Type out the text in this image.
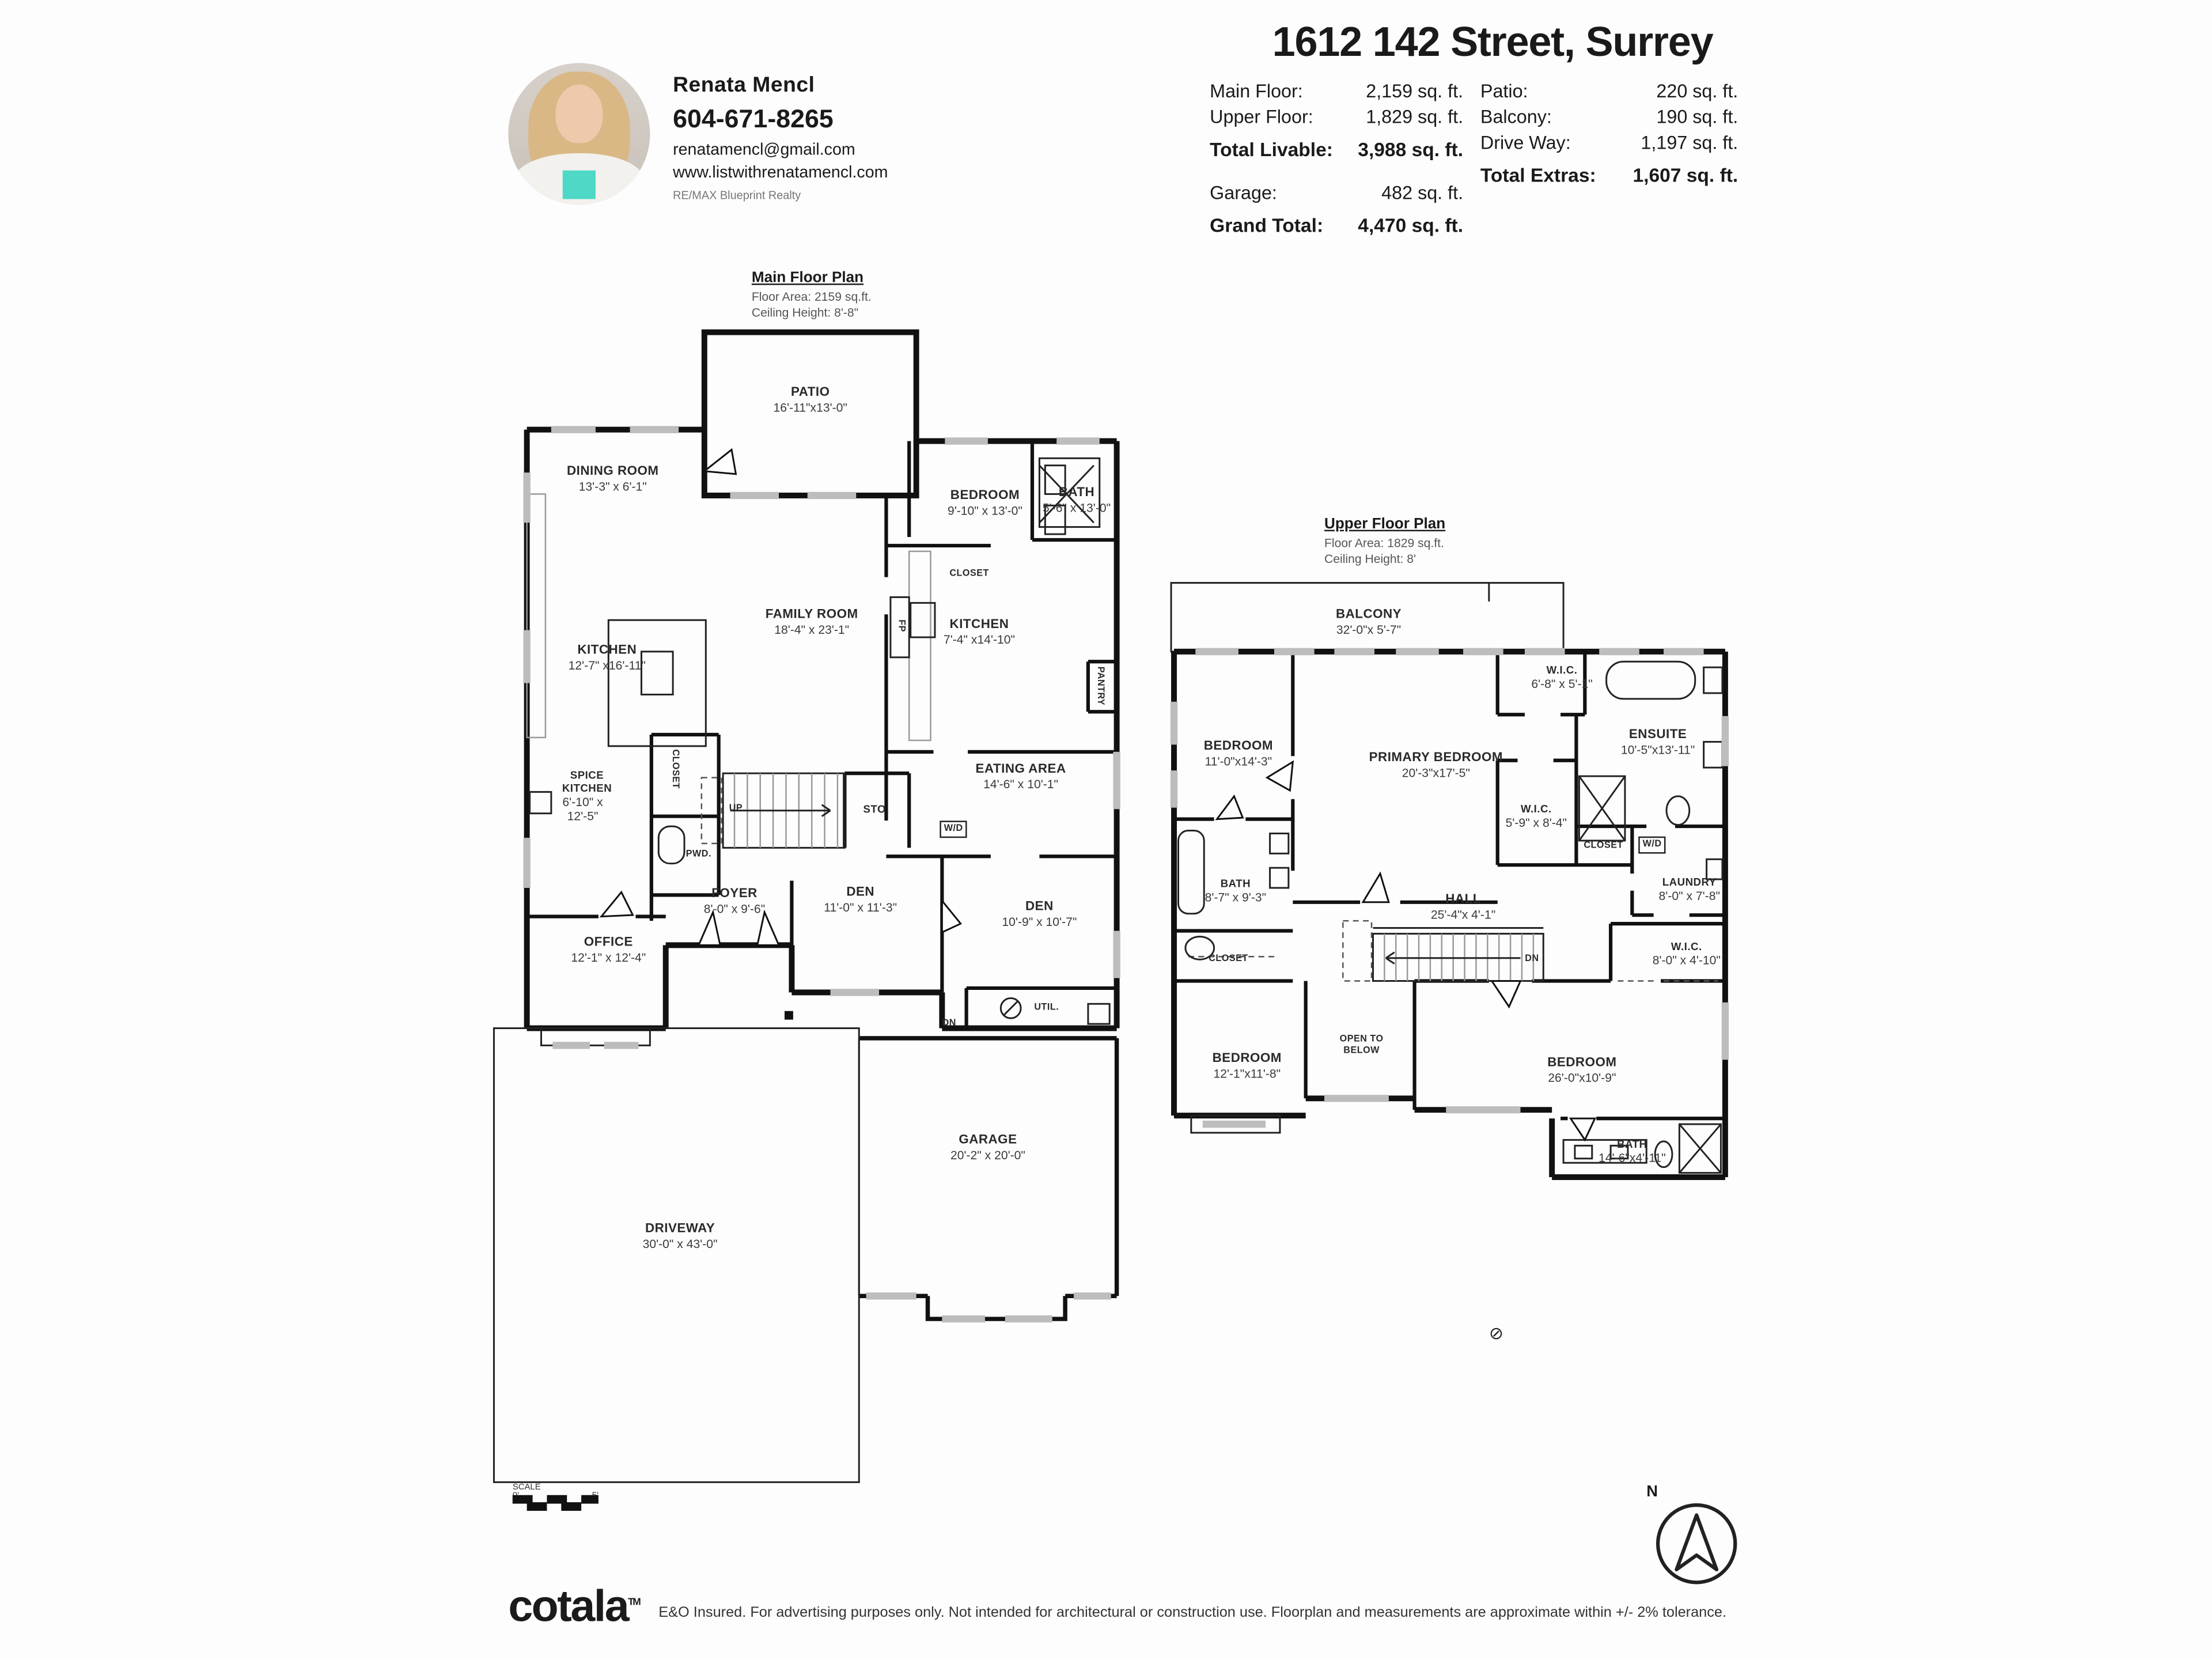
Renata Mencl
604-671-8265
renatamencl@gmail.com
www.listwithrenatamencl.com
RE/MAX Blueprint Realty
1612 142 Street, Surrey
Main Floor:	2,159 sq. ft.
Upper Floor:	1,829 sq. ft.
Total Livable:	3,988 sq. ft.
Garage:	482 sq. ft.
Grand Total:	4,470 sq. ft.
Patio:	220 sq. ft.
Balcony:	190 sq. ft.
Drive Way:	1,197 sq. ft.
Total Extras:	1,607 sq. ft.
Main Floor Plan
Floor Area: 2159 sq.ft.
Ceiling Height: 8'-8"
PATIO
16'-11"x13'-0"
DINING ROOM
13'-3" x 6'-1"
BEDROOM
9'-10" x 13'-0"
BATH
5'-6" x 13'-0"
CLOSET
FP	KITCHEN
7'-4" x14'-10"
FAMILY ROOM
18'-4" x 23'-1"
KITCHEN
12'-7" x16'-11"
PANTRY
EATING AREA
14'-6" x 10'-1"
SPICE KITCHEN
6'-10" x 12'-5"
CLOSET
PWD.
UP	STO.
W/D
FOYER
8'-0" x 9'-6"
DEN
11'-0" x 11'-3"	DEN
10'-9" x 10'-7"
OFFICE
12'-1" x 12'-4"
UTIL.
DN
GARAGE
20'-2" x 20'-0"
DRIVEWAY
30'-0" x 43'-0"
Upper Floor Plan
Floor Area: 1829 sq.ft.
Ceiling Height: 8'
BALCONY
32'-0"x 5'-7"
BEDROOM
11'-0"x14'-3"	PRIMARY BEDROOM
20'-3"x17'-5"
W.I.C.
6'-8" x 5'-1"
ENSUITE
10'-5"x13'-11"
W.I.C.
5'-9" x 8'-4"
CLOSET	W/D
LAUNDRY
8'-0" x 7'-8"
BATH
8'-7" x 9'-3"	HALL
25'-4"x 4'-1"
CLOSET
W.I.C.
8'-0" x 4'-10"
DN
BEDROOM
12'-1"x11'-8"
OPEN TO BELOW
BEDROOM
26'-0"x10'-9"
BATH
14'-6"x4'-11"
⊘
SCALE	N
cotala™
E&O Insured. For advertising purposes only. Not intended for architectural or construction use. Floorplan and measurements are approximate within +/- 2% tolerance.
